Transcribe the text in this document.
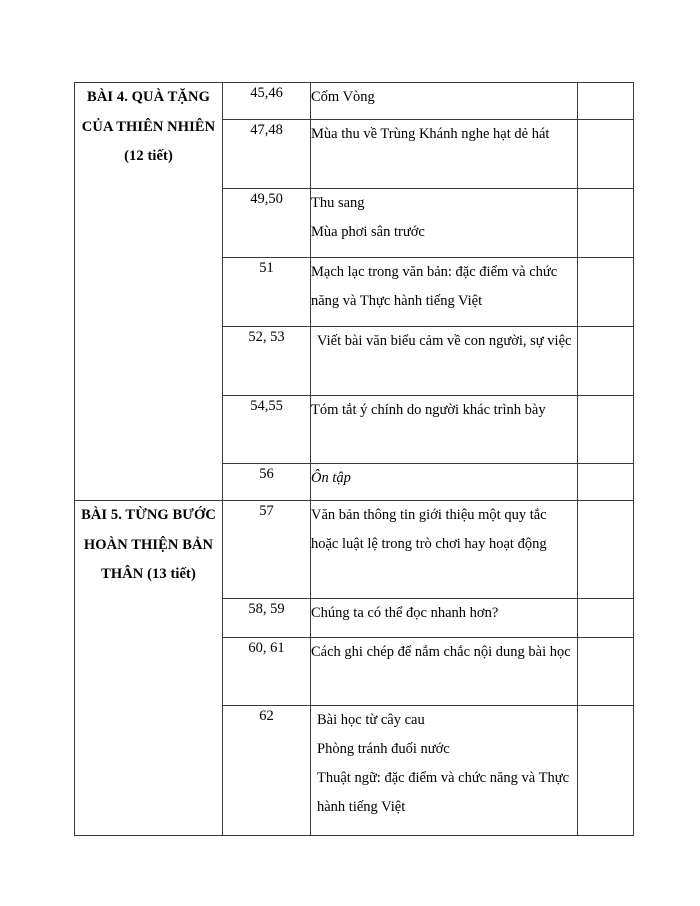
BÀI 4. QUÀ TẶNG CỦA THIÊN NHIÊN (12 tiết)	45,46	Cốm Vòng	

	47,48	Mùa thu về Trùng Khánh nghe hạt dẻ hát	

	49,50	Thu sang
Mùa phơi sân trước	

	51	Mạch lạc trong văn bản: đặc điểm và chức năng và Thực hành tiếng Việt	

	52, 53	Viết bài văn biểu cảm về con người, sự việc	

	54,55	Tóm tắt ý chính do người khác trình bày	

	56	Ôn tập	

BÀI 5. TỪNG BƯỚC HOÀN THIỆN BẢN THÂN (13 tiết)	57	Văn bản thông tin giới thiệu một quy tắc hoặc luật lệ trong trò chơi hay hoạt động	

	58, 59	Chúng ta có thể đọc nhanh hơn?	

	60, 61	Cách ghi chép để nắm chắc nội dung bài học	

	62	Bài học từ cây cau
Phòng tránh đuối nước
Thuật ngữ: đặc điểm và chức năng và Thực hành tiếng Việt	
